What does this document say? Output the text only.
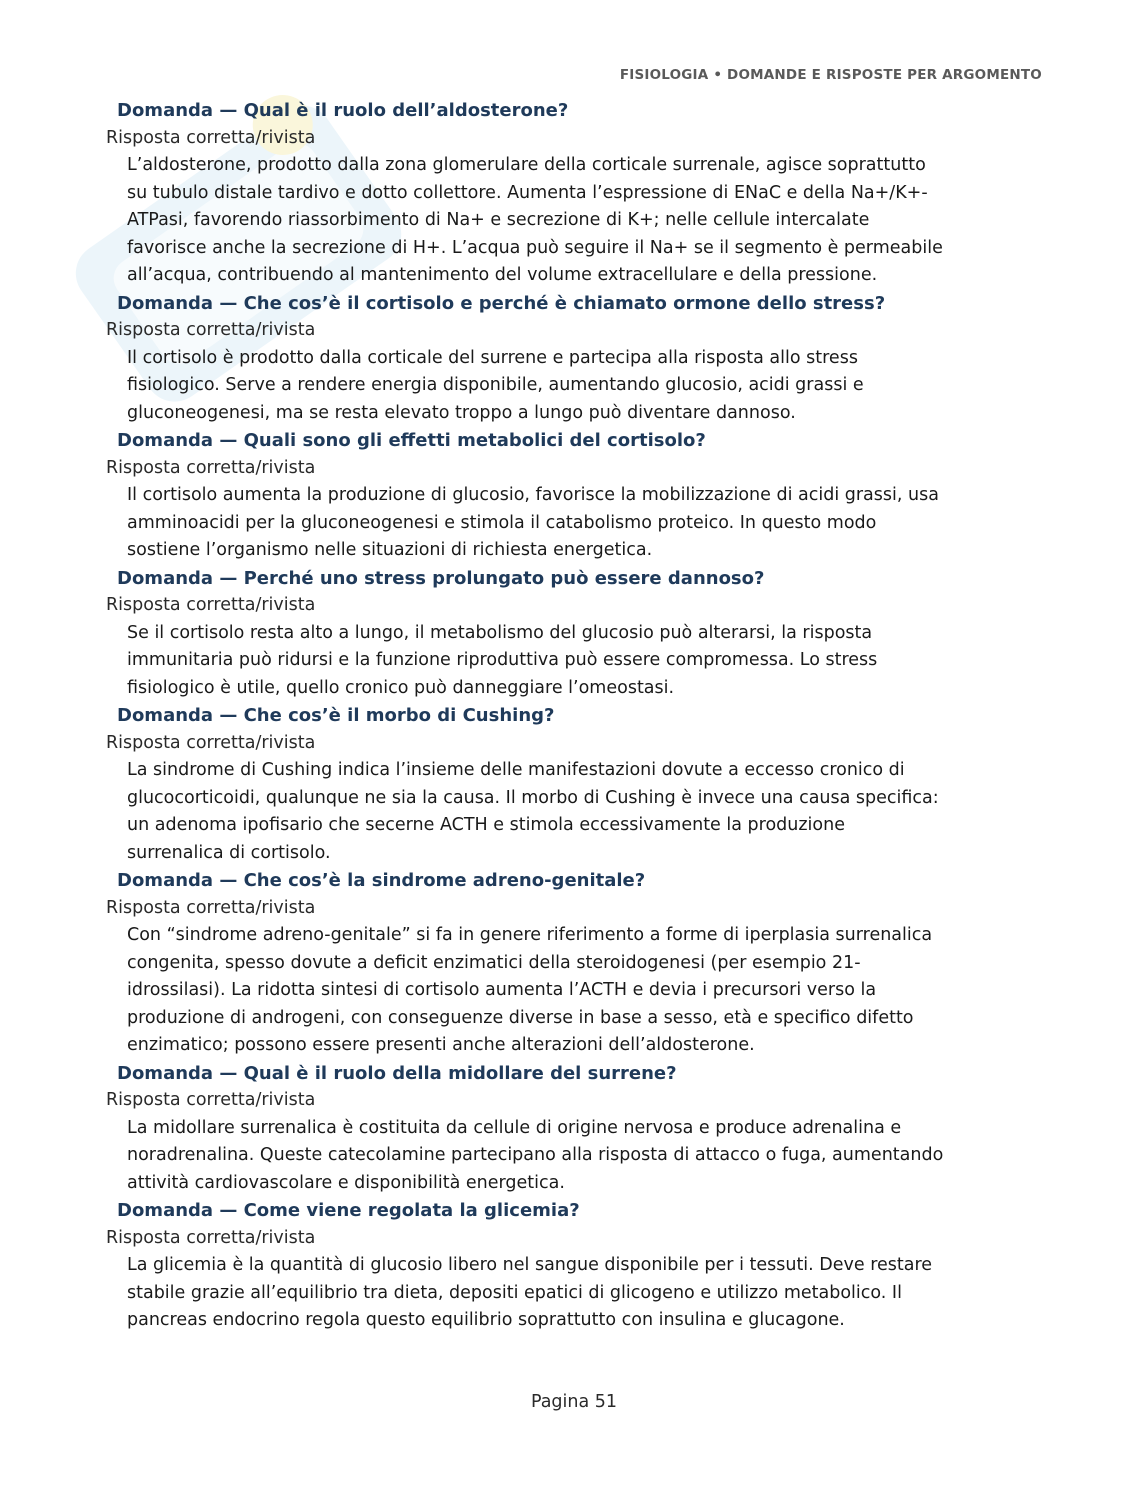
FISIOLOGIA • DOMANDE E RISPOSTE PER ARGOMENTO
Domanda — Qual è il ruolo dell’aldosterone?
Risposta corretta/rivista
L’aldosterone, prodotto dalla zona glomerulare della corticale surrenale, agisce soprattutto
su tubulo distale tardivo e dotto collettore. Aumenta l’espressione di ENaC e della Na+/K+-
ATPasi, favorendo riassorbimento di Na+ e secrezione di K+; nelle cellule intercalate
favorisce anche la secrezione di H+. L’acqua può seguire il Na+ se il segmento è permeabile
all’acqua, contribuendo al mantenimento del volume extracellulare e della pressione.
Domanda — Che cos’è il cortisolo e perché è chiamato ormone dello stress?
Risposta corretta/rivista
Il cortisolo è prodotto dalla corticale del surrene e partecipa alla risposta allo stress
fisiologico. Serve a rendere energia disponibile, aumentando glucosio, acidi grassi e
gluconeogenesi, ma se resta elevato troppo a lungo può diventare dannoso.
Domanda — Quali sono gli effetti metabolici del cortisolo?
Risposta corretta/rivista
Il cortisolo aumenta la produzione di glucosio, favorisce la mobilizzazione di acidi grassi, usa
amminoacidi per la gluconeogenesi e stimola il catabolismo proteico. In questo modo
sostiene l’organismo nelle situazioni di richiesta energetica.
Domanda — Perché uno stress prolungato può essere dannoso?
Risposta corretta/rivista
Se il cortisolo resta alto a lungo, il metabolismo del glucosio può alterarsi, la risposta
immunitaria può ridursi e la funzione riproduttiva può essere compromessa. Lo stress
fisiologico è utile, quello cronico può danneggiare l’omeostasi.
Domanda — Che cos’è il morbo di Cushing?
Risposta corretta/rivista
La sindrome di Cushing indica l’insieme delle manifestazioni dovute a eccesso cronico di
glucocorticoidi, qualunque ne sia la causa. Il morbo di Cushing è invece una causa specifica:
un adenoma ipofisario che secerne ACTH e stimola eccessivamente la produzione
surrenalica di cortisolo.
Domanda — Che cos’è la sindrome adreno-genitale?
Risposta corretta/rivista
Con “sindrome adreno-genitale” si fa in genere riferimento a forme di iperplasia surrenalica
congenita, spesso dovute a deficit enzimatici della steroidogenesi (per esempio 21-
idrossilasi). La ridotta sintesi di cortisolo aumenta l’ACTH e devia i precursori verso la
produzione di androgeni, con conseguenze diverse in base a sesso, età e specifico difetto
enzimatico; possono essere presenti anche alterazioni dell’aldosterone.
Domanda — Qual è il ruolo della midollare del surrene?
Risposta corretta/rivista
La midollare surrenalica è costituita da cellule di origine nervosa e produce adrenalina e
noradrenalina. Queste catecolamine partecipano alla risposta di attacco o fuga, aumentando
attività cardiovascolare e disponibilità energetica.
Domanda — Come viene regolata la glicemia?
Risposta corretta/rivista
La glicemia è la quantità di glucosio libero nel sangue disponibile per i tessuti. Deve restare
stabile grazie all’equilibrio tra dieta, depositi epatici di glicogeno e utilizzo metabolico. Il
pancreas endocrino regola questo equilibrio soprattutto con insulina e glucagone.
Pagina 51
